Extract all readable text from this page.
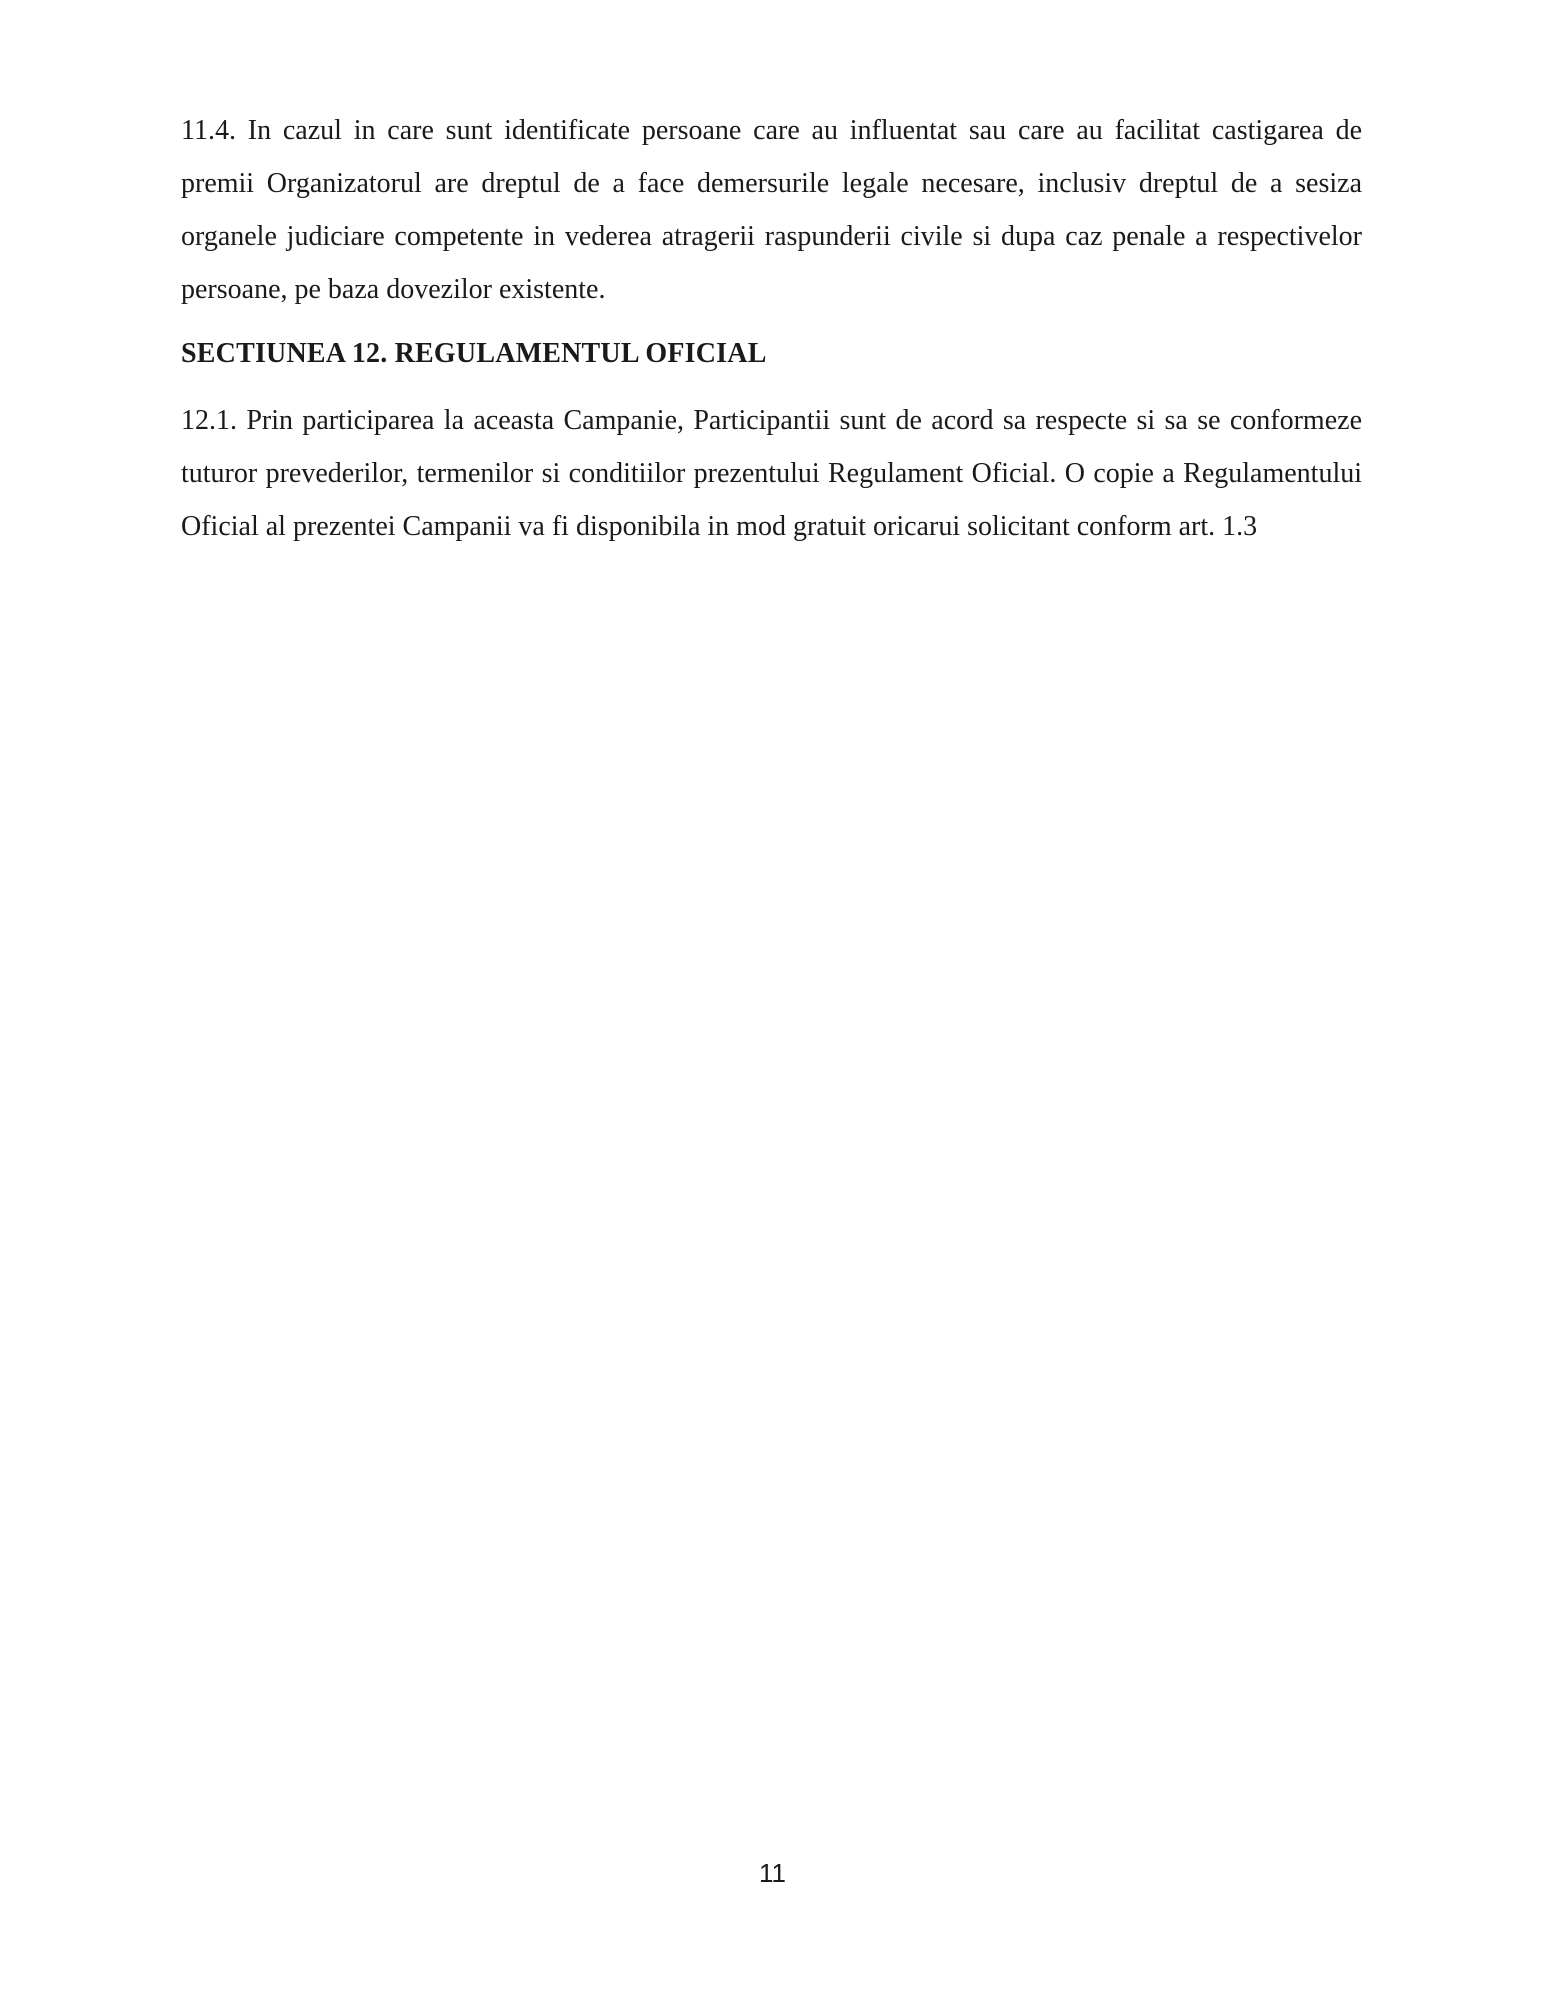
11.4. In cazul in care sunt identificate persoane care au influentat sau care au facilitat castigarea de premii Organizatorul are dreptul de a face demersurile legale necesare, inclusiv dreptul de a sesiza organele judiciare competente in vederea atragerii raspunderii civile si dupa caz penale a respectivelor persoane, pe baza dovezilor existente.

SECTIUNEA 12. REGULAMENTUL OFICIAL

12.1. Prin participarea la aceasta Campanie, Participantii sunt de acord sa respecte si sa se conformeze tuturor prevederilor, termenilor si conditiilor prezentului Regulament Oficial. O copie a Regulamentului Oficial al prezentei Campanii va fi disponibila in mod gratuit oricarui solicitant conform art. 1.3

11
